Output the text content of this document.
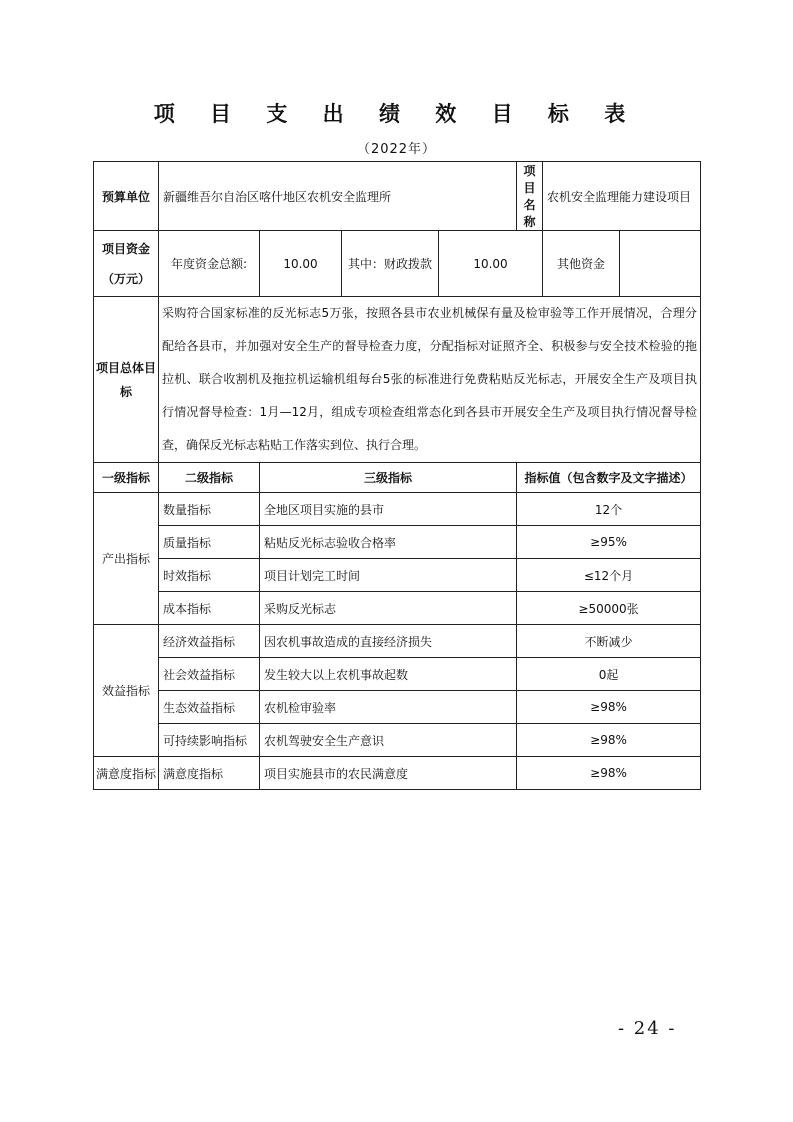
项 目 支 出 绩 效 目 标 表
（2022年）
预算单位	新疆维吾尔自治区喀什地区农机安全监理所				项目名称	农机安全监理能力建设项目	

项目资金
（万元）	年度资金总额:	10.00	其中：财政拨款	10.00		其他资金	
项目总体目标	采购符合国家标准的反光标志5万张，按照各县市农业机械保有量及检审验等工作开展情况，合理分配给各县市，并加强对安全生产的督导检查力度，分配指标对证照齐全、积极参与安全技术检验的拖拉机、联合收割机及拖拉机运输机组每台5张的标准进行免费粘贴反光标志，开展安全生产及项目执行情况督导检查：1月—12月，组成专项检查组常态化到各县市开展安全生产及项目执行情况督导检查，确保反光标志粘贴工作落实到位、执行合理。						
一级指标	二级指标	三级指标			指标值（包含数字及文字描述）		
产出指标	数量指标	全地区项目实施的县市			12个		
	质量指标	粘贴反光标志验收合格率			≥95%		
	时效指标	项目计划完工时间			≤12个月		
	成本指标	采购反光标志			≥50000张		
效益指标	经济效益指标	因农机事故造成的直接经济损失			不断减少		
	社会效益指标	发生较大以上农机事故起数			0起		
	生态效益指标	农机检审验率			≥98%		
	可持续影响指标	农机驾驶安全生产意识			≥98%		
满意度指标	满意度指标	项目实施县市的农民满意度			≥98%		
- 24 -
